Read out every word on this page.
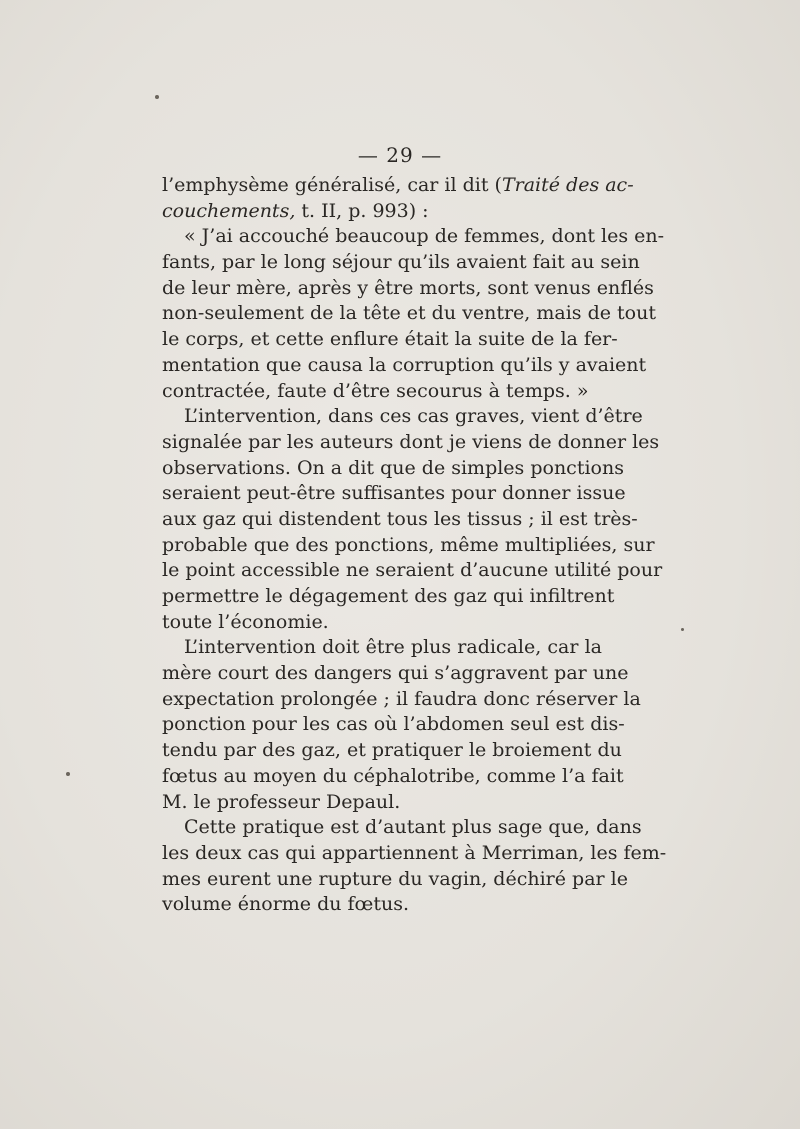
— 29 —
l’emphysème généralisé, car il dit (Traité des ac-
couchements, t. II, p. 993) :
« J’ai accouché beaucoup de femmes, dont les en-
fants, par le long séjour qu’ils avaient fait au sein
de leur mère, après y être morts, sont venus enflés
non-seulement de la tête et du ventre, mais de tout
le corps, et cette enflure était la suite de la fer-
mentation que causa la corruption qu’ils y avaient
contractée, faute d’être secourus à temps. »
L’intervention, dans ces cas graves, vient d’être
signalée par les auteurs dont je viens de donner les
observations. On a dit que de simples ponctions
seraient peut-être suffisantes pour donner issue
aux gaz qui distendent tous les tissus ; il est très-
probable que des ponctions, même multipliées, sur
le point accessible ne seraient d’aucune utilité pour
permettre le dégagement des gaz qui infiltrent
toute l’économie.
L’intervention doit être plus radicale, car la
mère court des dangers qui s’aggravent par une
expectation prolongée ; il faudra donc réserver la
ponction pour les cas où l’abdomen seul est dis-
tendu par des gaz, et pratiquer le broiement du
fœtus au moyen du céphalotribe, comme l’a fait
M. le professeur Depaul.
Cette pratique est d’autant plus sage que, dans
les deux cas qui appartiennent à Merriman, les fem-
mes eurent une rupture du vagin, déchiré par le
volume énorme du fœtus.
